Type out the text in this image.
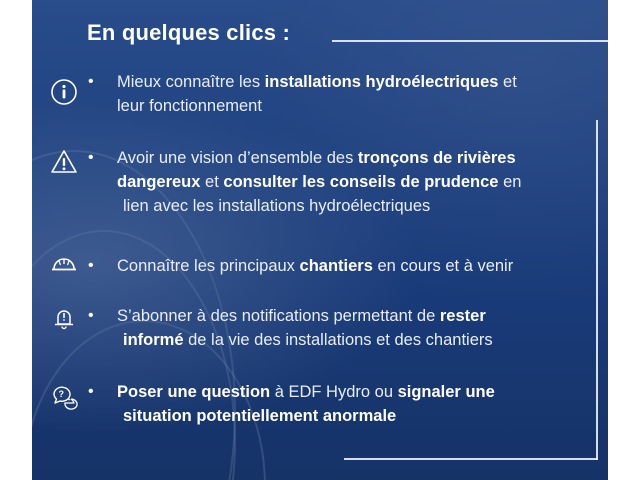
En quelques clics :
• Mieux connaître les installations hydroélectriques et
leur fonctionnement
• Avoir une vision d’ensemble des tronçons de rivières
dangereux et consulter les conseils de prudence en
lien avec les installations hydroélectriques
• Connaître les principaux chantiers en cours et à venir
• S’abonner à des notifications permettant de rester
informé de la vie des installations et des chantiers
? • Poser une question à EDF Hydro ou signaler une
situation potentiellement anormale
